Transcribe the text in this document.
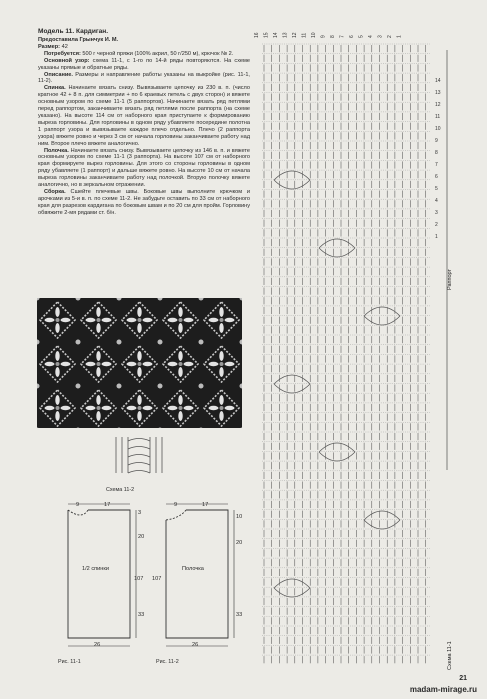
Модель 11. Кардиган.

Предоставила Грынчук И. М.

Размер: 42

Потребуется: 500 г черной пряжи (100% акрил, 50 г/250 м), крючок № 2.

Основной узор: схема 11-1, с 1-го по 14-й ряды повторяются. На схеме указаны прямые и обратные ряды.

Описание. Размеры и направление работы указаны на выкройке (рис. 11-1, 11-2).

Спинка. Начинаете вязать снизу. Вывязываете цепочку из 230 в. п. (число кратное 42 + 8 п. для симметрии + по 6 краевых петель с двух сторон) и вяжете основным узором по схеме 11-1 (5 раппортов). Начинаете вязать ряд петлями перед раппортом, заканчиваете вязать ряд петлями после раппорта (на схеме указано). На высоте 114 см от наборного края приступаете к формированию выреза горловины. Для горловины в одном ряду убавляете посередине полотна 1 раппорт узора и вывязываете каждое плечо отдельно. Плечо (2 раппорта узора) вяжете ровно и через 3 см от начала горловины заканчиваете работу над ним. Второе плечо вяжете аналогично.

Полочка. Начинаете вязать снизу. Вывязываете цепочку из 146 в. п. и вяжете основным узором по схеме 11-1 (3 раппорта). На высоте 107 см от наборного края формируете вырез горловины. Для этого со стороны горловины в одном ряду убавляете (1 раппорт) и дальше вяжете ровно. На высоте 10 см от начала выреза горловины заканчиваете работу над полочкой. Вторую полочку вяжете аналогично, но в зеркальном отражении.

Сборка. Сшейте плечевые швы. Боковые швы выполните крючком и арочками из 5-и в. п. по схеме 11-2. Не забудьте оставить по 33 см от наборного края для разрезов кардигана по боковым швам и по 20 см для пройм. Горловину обвяжите 2-мя рядами ст. б/н.

Схема 11-2
9	17
3
20
107
33
26
1/2 спинки
Рис. 11-1
9	17
10
20
33
107
26
Полочка
Рис. 11-2
16 15 14 13 12 11 10 9 8 7 6 5 4 3 2 1
14
13
12
11
10
9
8
7
6
5
4
3
2
1
Раппорт
Схема 11-1
21
madam-mirage.ru
